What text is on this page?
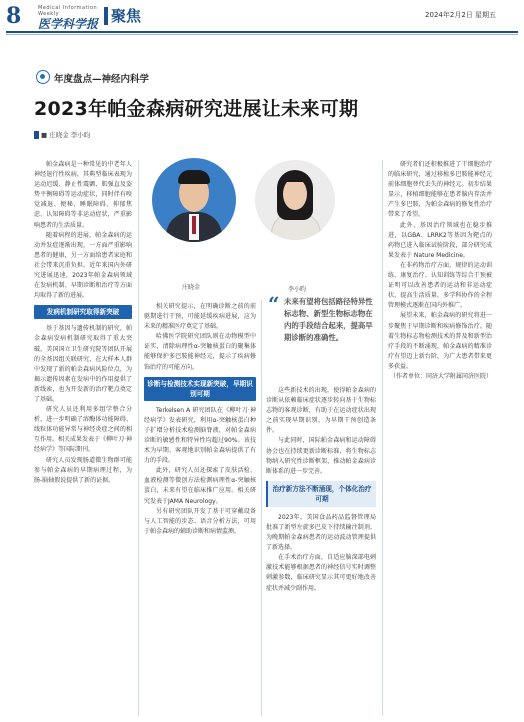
8	Medical Information Weekly
医学科学报 聚焦	2024年2月2日 星期五
年度盘点—神经内科学
2023年帕金森病研究进展让未来可期
■ 庄晓金 李小昀
庄晓金	李小昀

帕金森病是一种常见的中老年人神经退行性疾病，其典型临床表现为运动迟缓、静止性震颤、肌强直及姿势平衡障碍等运动症状，同时伴有嗅觉减退、便秘、睡眠障碍、抑郁焦虑、认知障碍等非运动症状，严重影响患者的生活质量。

随着病程的进展，帕金森病的运动并发症逐渐出现，一方面严重影响患者的健康，另一方面给患者家庭和社会带来沉重负担。近年来国内外研究进展迅速，2023年帕金森病领域在发病机制、早期诊断和治疗等方面均取得了新的进展。

发病机制研究取得新突破

基于基因与遗传机制的研究，帕金森病发病机制研究取得了重大突破。美国国立卫生研究院等团队开展的全基因组关联研究，在大样本人群中发现了新的帕金森病风险位点，为揭示遗传因素在发病中的作用提供了新线索，也为开发新的治疗靶点奠定了基础。

研究人员还利用多组学整合分析，进一步明确了溶酶体功能障碍、线粒体功能异常与神经炎症之间的相互作用。相关成果发表于《柳叶刀·神经病学》等国际期刊。

研究人员发现肠道微生物群可能参与帕金森病的早期病理过程，为肠-脑轴假说提供了新的证据。

相关研究提示，在明确诊断之前的前驱期进行干预，可能延缓疾病进展，这为未来的精准医疗奠定了基础。

哈佛医学院研究团队则在动物模型中证实，清除病理性α-突触核蛋白的聚集体能够保护多巴胺能神经元，提示了疾病修饰治疗的可能方向。

诊断与检测技术实现新突破，早期识别可期

Terkelsen A 研究团队在《柳叶刀·神经病学》发表研究，利用α-突触核蛋白种子扩增分析技术检测脑脊液，对帕金森病诊断的敏感性和特异性均超过90%。该技术为早期、客观地识别帕金森病提供了有力的手段。

此外，研究人员还探索了皮肤活检、血液检测等微创方法检测病理性α-突触核蛋白，未来有望在临床推广应用。相关研究发表于JAMA Neurology。

另有研究团队开发了基于可穿戴设备与人工智能的步态、语音分析方法，可用于帕金森病的辅助诊断和病情监测。

“ 未来有望将包括路径特异性标志物、新型生物标志物在内的手段结合起来，提高早期诊断的准确性。

这些新技术的出现，使得帕金森病的诊断从依赖临床症状逐步转向基于生物标志物的客观诊断，有助于在运动症状出现之前实现早期识别，为早期干预创造条件。

与此同时，国际帕金森病和运动障碍协会也在持续更新诊断标准，将生物标志物纳入研究性诊断框架，推动帕金森病诊断体系的进一步完善。

治疗新方法不断涌现，个体化治疗可期

2023年，美国食品药品监督管理局批准了新型左旋多巴皮下持续输注制剂，为晚期帕金森病患者的运动波动管理提供了新选择。

在手术治疗方面，自适应脑深部电刺激技术能够根据患者的神经信号实时调整刺激参数，临床研究显示其可更好地改善症状并减少副作用。

研究者们还积极推进了干细胞治疗的临床研究，通过移植多巴胺能神经元前体细胞替代丢失的神经元。初步结果显示，移植细胞能够在患者脑内存活并产生多巴胺，为帕金森病的修复性治疗带来了希望。

此外，基因治疗领域也在稳步推进，以GBA、LRRK2等基因为靶点的药物已进入临床试验阶段，部分研究成果发表于 Nature Medicine。

在非药物治疗方面，规律的运动训练、康复治疗、认知训练等综合干预被证明可以改善患者的运动和非运动症状，提高生活质量。多学科协作的全程管理模式逐渐在国内外推广。

展望未来，帕金森病的研究将进一步聚焦于早期诊断和疾病修饰治疗。随着生物标志物检测技术的普及和新型治疗手段的不断涌现，帕金森病的精准诊疗有望迈上新台阶，为广大患者带来更多获益。

（作者单位：同济大学附属同济医院）
